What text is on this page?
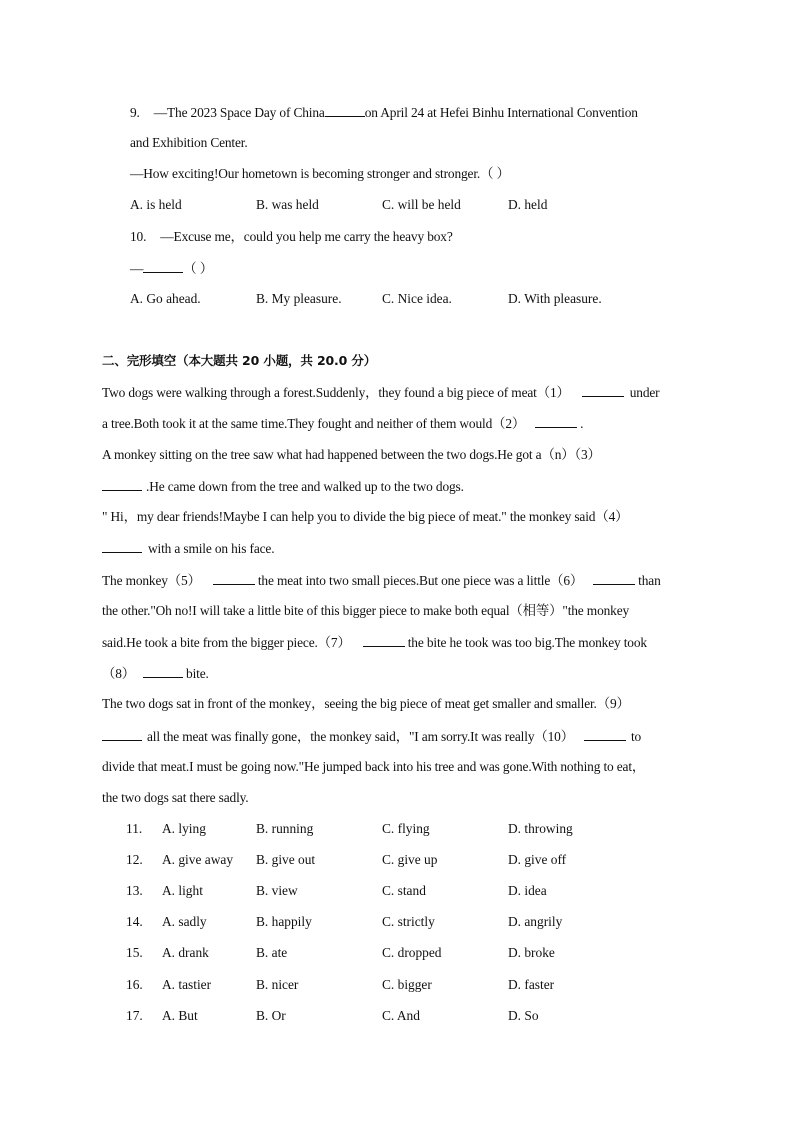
9. —The 2023 Space Day of China	on April 24 at Hefei Binhu International Convention
and Exhibition Center.
—How exciting!Our hometown is becoming stronger and stronger.（ ）
A. is held	B. was held	C. will be held	D. held
10. —Excuse me，could you help me carry the heavy box?
—	（ ）
A. Go ahead.	B. My pleasure.	C. Nice idea.	D. With pleasure.
二、完形填空（本大题共 20 小题，共 20.0 分）
Two dogs were walking through a forest.Suddenly，they found a big piece of meat（1）	under
a tree.Both took it at the same time.They fought and neither of them would（2）	.
A monkey sitting on the tree saw what had happened between the two dogs.He got a（n）（3）
.He came down from the tree and walked up to the two dogs.
" Hi，my dear friends!Maybe I can help you to divide the big piece of meat." the monkey said（4）
with a smile on his face.
The monkey（5）	the meat into two small pieces.But one piece was a little（6）	than
the other."Oh no!I will take a little bite of this bigger piece to make both equal（相等）"the monkey
said.He took a bite from the bigger piece.（7）	the bite he took was too big.The monkey took
（8）	bite.
The two dogs sat in front of the monkey，seeing the big piece of meat get smaller and smaller.（9）
all the meat was finally gone，the monkey said，"I am sorry.It was really（10）	to
divide that meat.I must be going now."He jumped back into his tree and was gone.With nothing to eat，
the two dogs sat there sadly.
11. A. lying	B. running	C. flying	D. throwing
12. A. give away B. give out	C. give up	D. give off
13. A. light	B. view	C. stand	D. idea
14. A. sadly	B. happily	C. strictly	D. angrily
15. A. drank	B. ate	C. dropped	D. broke
16. A. tastier	B. nicer	C. bigger	D. faster
17. A. But	B. Or	C. And	D. So
